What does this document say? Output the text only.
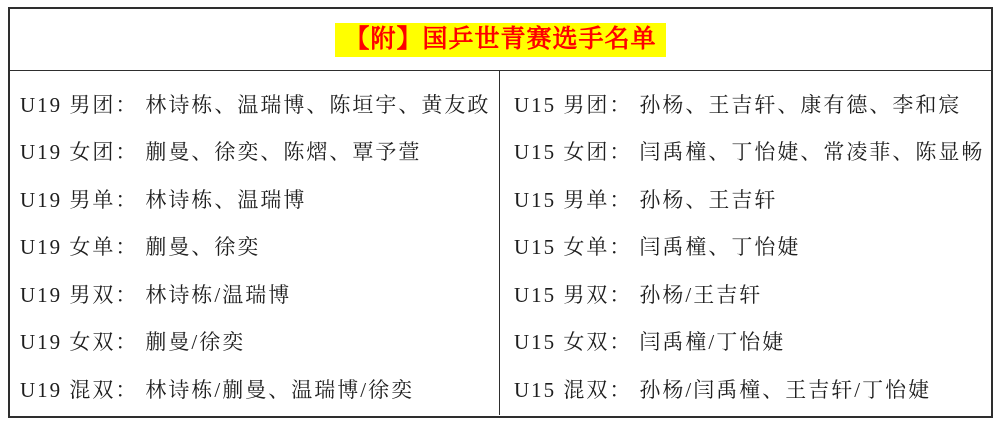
【附】国乒世青赛选手名单
U19 男团： 林诗栋、温瑞博、陈垣宇、黄友政
U19 女团： 蒯曼、徐奕、陈熠、覃予萱
U19 男单： 林诗栋、温瑞博
U19 女单： 蒯曼、徐奕
U19 男双： 林诗栋/温瑞博
U19 女双： 蒯曼/徐奕
U19 混双： 林诗栋/蒯曼、温瑞博/徐奕
U15 男团： 孙杨、王吉轩、康有德、李和宸
U15 女团： 闫禹橦、丁怡婕、常凌菲、陈显畅
U15 男单： 孙杨、王吉轩
U15 女单： 闫禹橦、丁怡婕
U15 男双： 孙杨/王吉轩
U15 女双： 闫禹橦/丁怡婕
U15 混双： 孙杨/闫禹橦、王吉轩/丁怡婕
